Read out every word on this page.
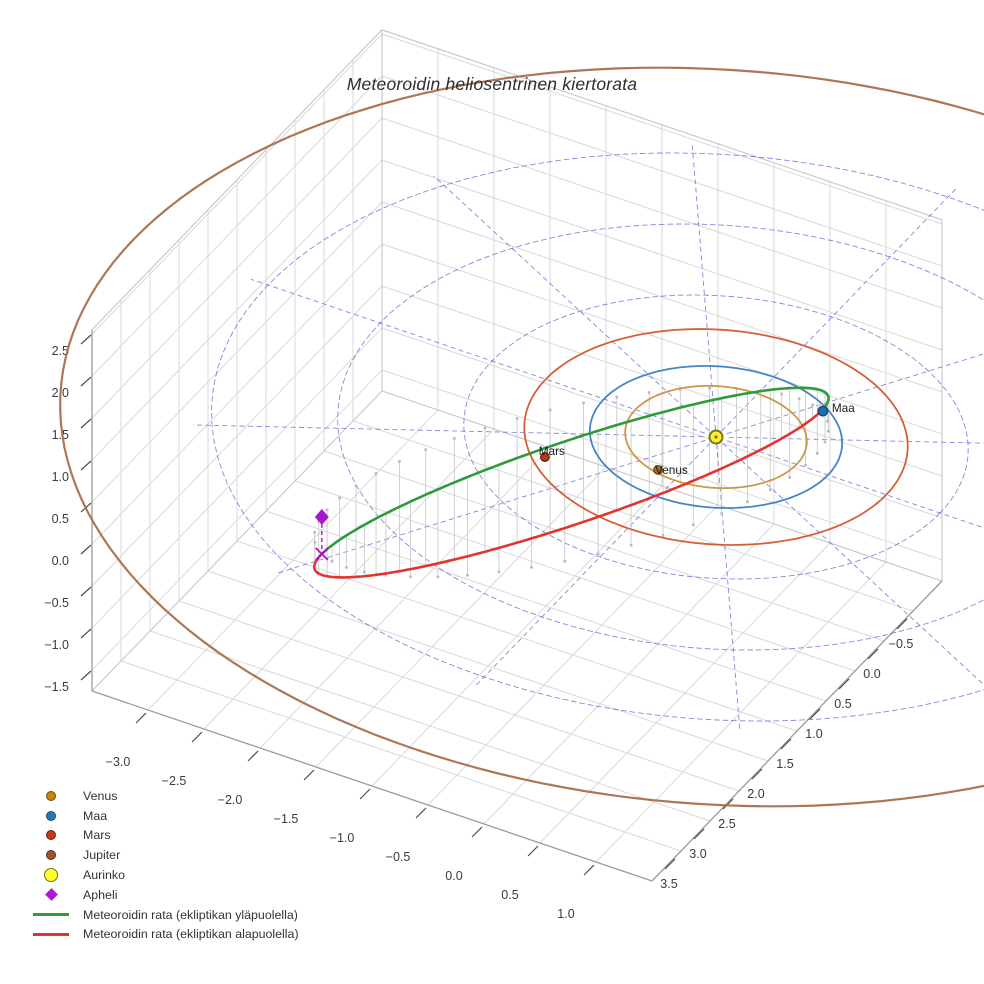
−3.0
−2.5
−2.0
−1.5
−1.0
−0.5
0.0
0.5
1.0
−0.5
0.0
0.5
1.0
1.5
2.0
2.5
3.0
3.5
−1.5
−1.0
−0.5
0.0
0.5
1.0
1.5
2.0
2.5
Venus
Maa
Mars
Meteoroidin heliosentrinen kiertorata
Venus
Maa
Mars
Jupiter
Aurinko
Apheli
Meteoroidin rata (ekliptikan yläpuolella)
Meteoroidin rata (ekliptikan alapuolella)
